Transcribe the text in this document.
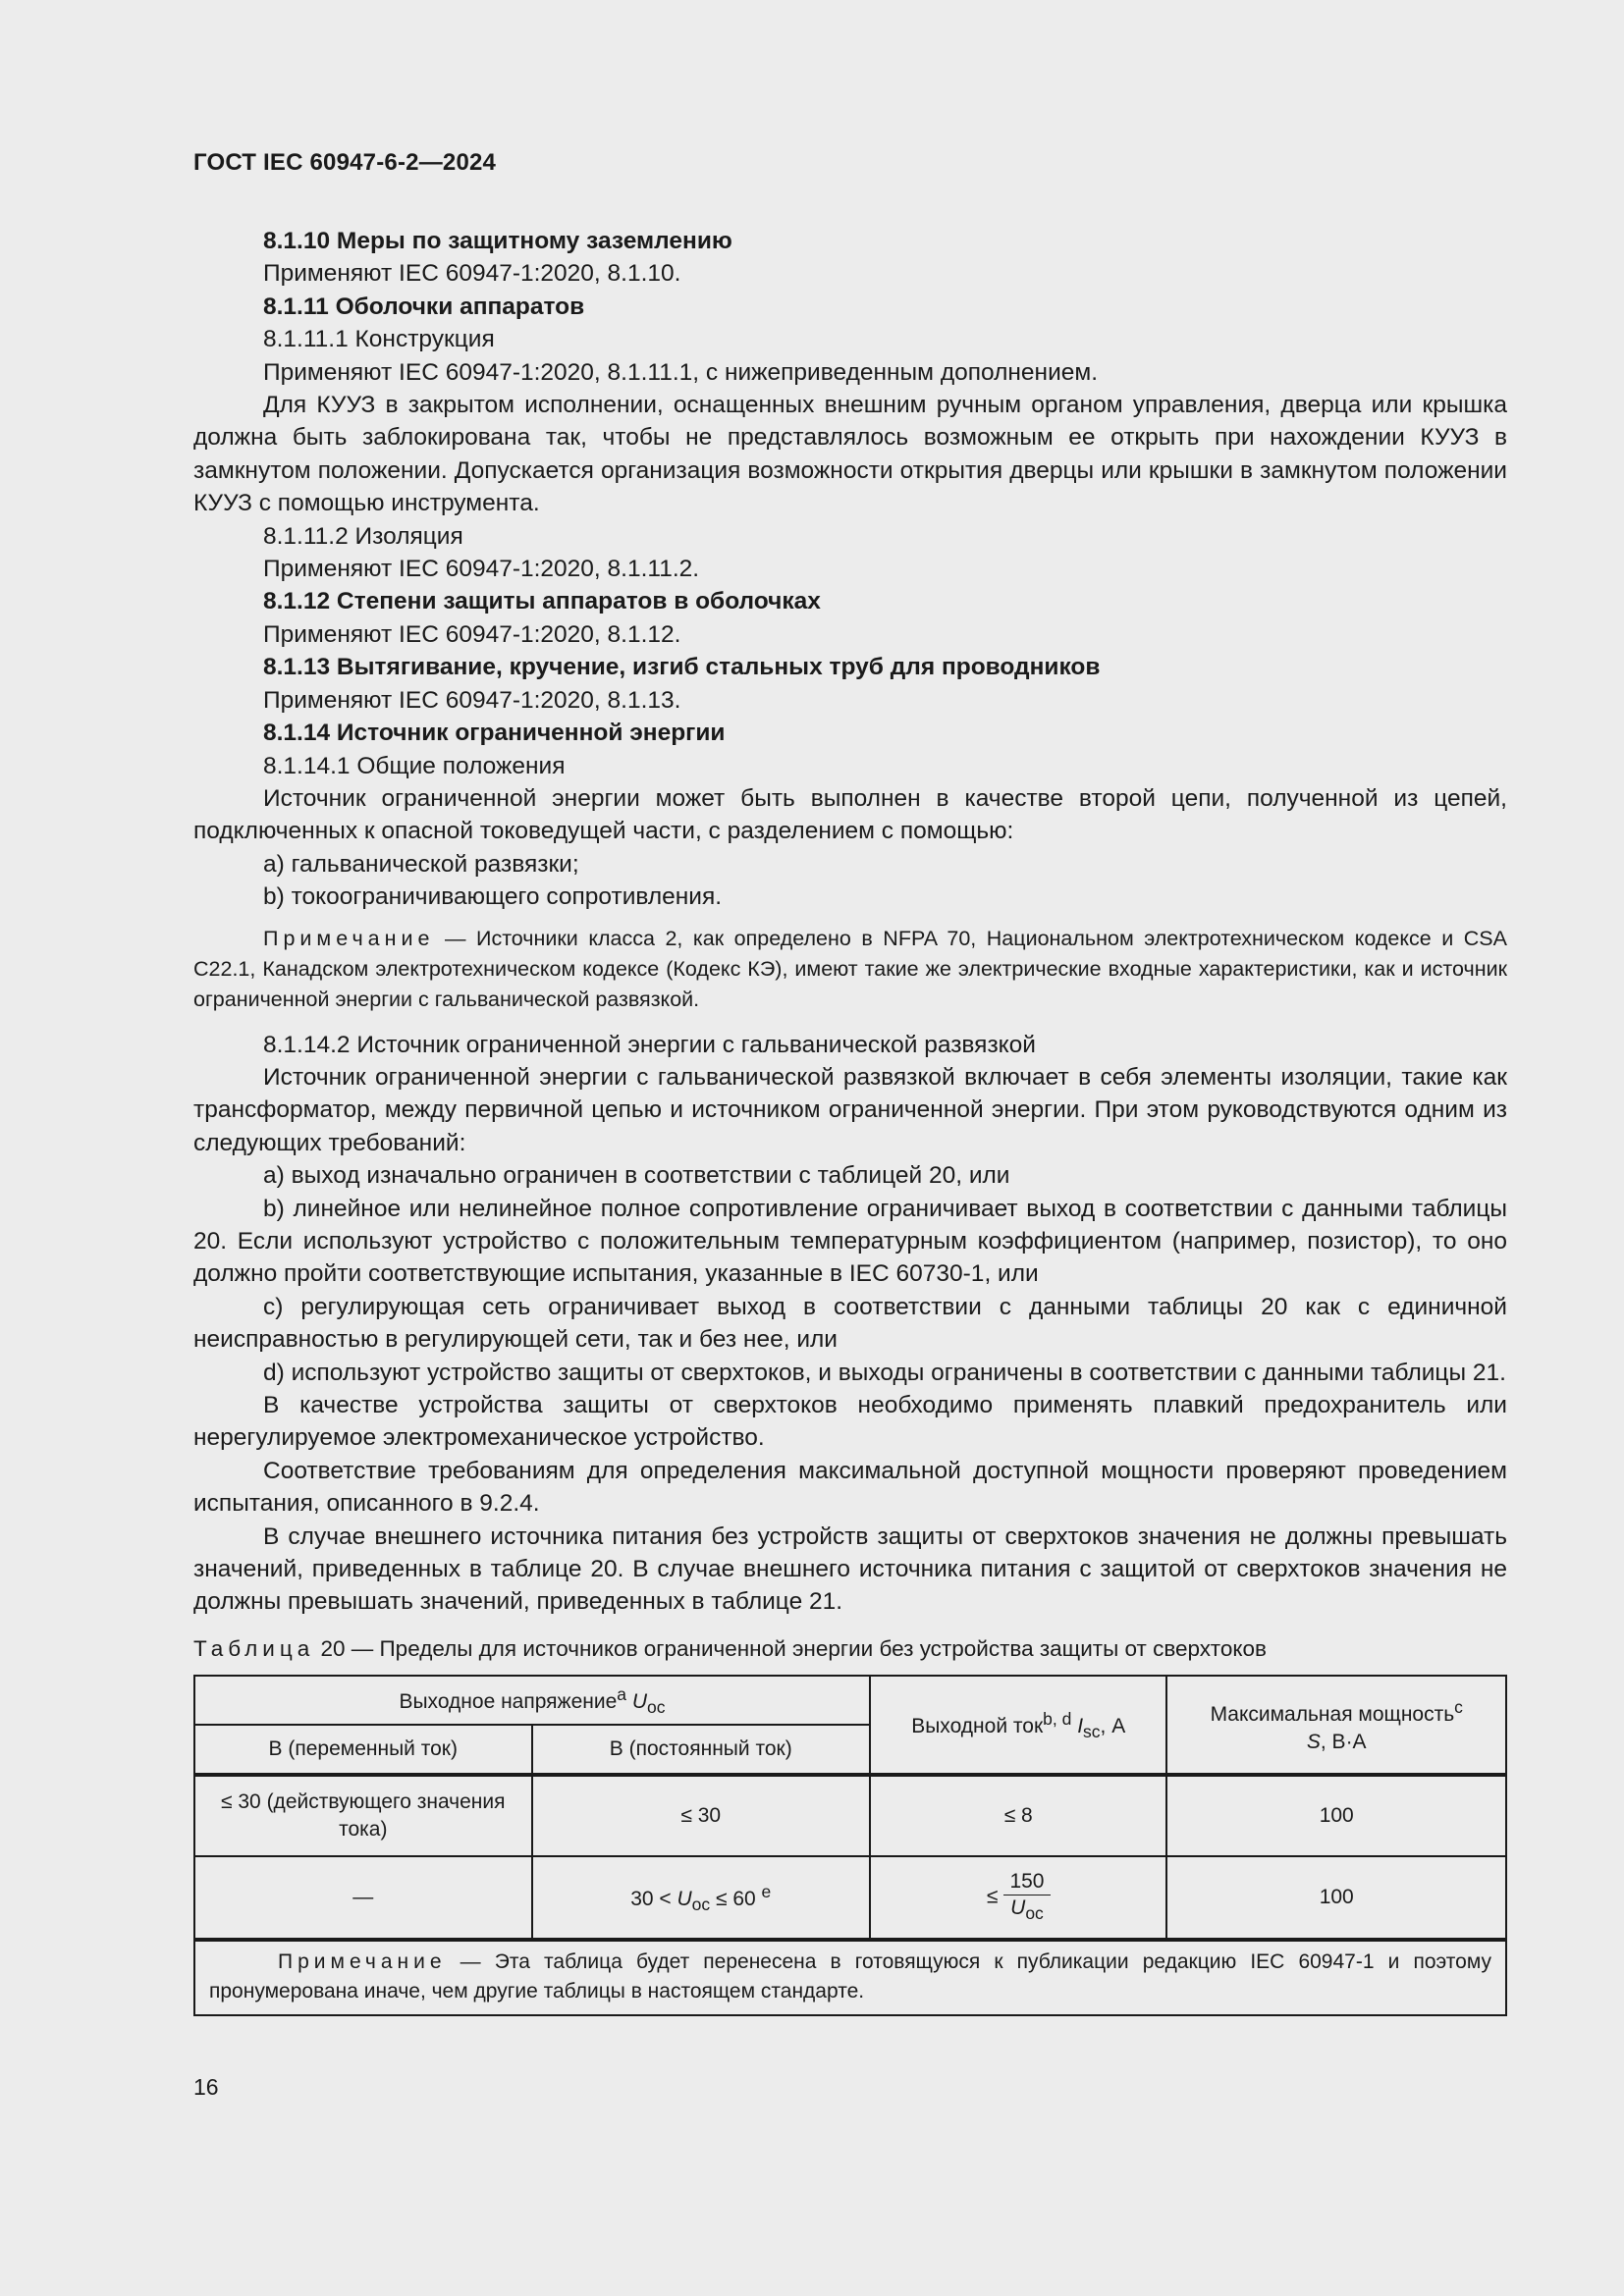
ГОСТ IEC 60947-6-2—2024

8.1.10 Меры по защитному заземлению

Применяют IEC 60947-1:2020, 8.1.10.

8.1.11 Оболочки аппаратов

8.1.11.1 Конструкция

Применяют IEC 60947-1:2020, 8.1.11.1, с нижеприведенным дополнением.

Для КУУЗ в закрытом исполнении, оснащенных внешним ручным органом управления, дверца или крышка должна быть заблокирована так, чтобы не представлялось возможным ее открыть при нахождении КУУЗ в замкнутом положении. Допускается организация возможности открытия дверцы или крышки в замкнутом положении КУУЗ с помощью инструмента.

8.1.11.2 Изоляция

Применяют IEC 60947-1:2020, 8.1.11.2.

8.1.12 Степени защиты аппаратов в оболочках

Применяют IEC 60947-1:2020, 8.1.12.

8.1.13 Вытягивание, кручение, изгиб стальных труб для проводников

Применяют IEC 60947-1:2020, 8.1.13.

8.1.14 Источник ограниченной энергии

8.1.14.1 Общие положения

Источник ограниченной энергии может быть выполнен в качестве второй цепи, полученной из цепей, подключенных к опасной токоведущей части, с разделением с помощью:

a) гальванической развязки;

b) токоограничивающего сопротивления.

Примечание — Источники класса 2, как определено в NFPA 70, Национальном электротехническом кодексе и CSA C22.1, Канадском электротехническом кодексе (Кодекс КЭ), имеют такие же электрические входные характеристики, как и источник ограниченной энергии с гальванической развязкой.

8.1.14.2 Источник ограниченной энергии с гальванической развязкой

Источник ограниченной энергии с гальванической развязкой включает в себя элементы изоляции, такие как трансформатор, между первичной цепью и источником ограниченной энергии. При этом руководствуются одним из следующих требований:

a) выход изначально ограничен в соответствии с таблицей 20, или

b) линейное или нелинейное полное сопротивление ограничивает выход в соответствии с данными таблицы 20. Если используют устройство с положительным температурным коэффициентом (например, позистор), то оно должно пройти соответствующие испытания, указанные в IEC 60730-1, или

c) регулирующая сеть ограничивает выход в соответствии с данными таблицы 20 как с единичной неисправностью в регулирующей сети, так и без нее, или

d) используют устройство защиты от сверхтоков, и выходы ограничены в соответствии с данными таблицы 21.

В качестве устройства защиты от сверхтоков необходимо применять плавкий предохранитель или нерегулируемое электромеханическое устройство.

Соответствие требованиям для определения максимальной доступной мощности проверяют проведением испытания, описанного в 9.2.4.

В случае внешнего источника питания без устройств защиты от сверхтоков значения не должны превышать значений, приведенных в таблице 20. В случае внешнего источника питания с защитой от сверхтоков значения не должны превышать значений, приведенных в таблице 21.

Таблица 20 — Пределы для источников ограниченной энергии без устройства защиты от сверхтоков

Выходное напряжение$^a$ $U_{oc}$		Выходной ток$^{b, d}$ $I_{sc}$, А	Максимальная мощность$^c$
S, В·А
В (переменный ток)	В (постоянный ток)		
≤ 30 (действующего значения тока)	≤ 30	≤ 8	100
—	$30 < U_{oc} \le 60$ $^e$	≤ $\frac{150}{U_{oc}}$	100
Примечание — Эта таблица будет перенесена в готовящуюся к публикации редакцию IEC 60947-1 и поэтому пронумерована иначе, чем другие таблицы в настоящем стандарте.			
16
